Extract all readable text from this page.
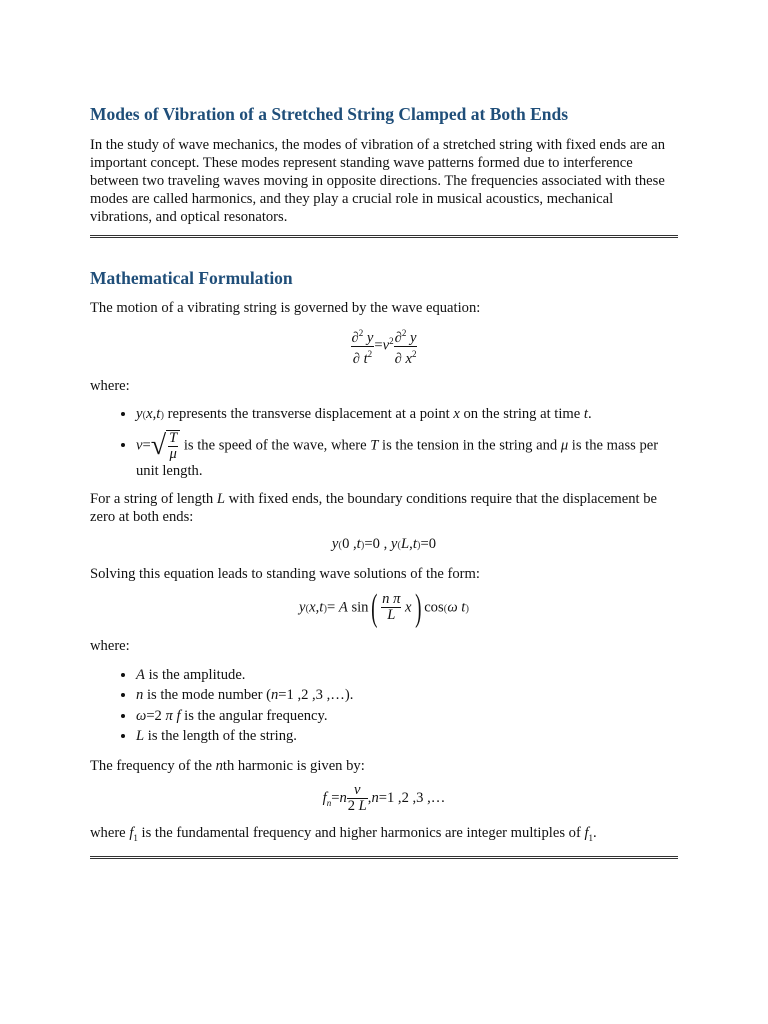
Modes of Vibration of a Stretched String Clamped at Both Ends

In the study of wave mechanics, the modes of vibration of a stretched string with fixed ends are an important concept. These modes represent standing wave patterns formed due to interference between two traveling waves moving in opposite directions. The frequencies associated with these modes are called harmonics, and they play a crucial role in musical acoustics, mechanical vibrations, and optical resonators.

Mathematical Formulation

The motion of a vibrating string is governed by the wave equation:

$\frac{\partial^2 y}{\partial t^2} =v^2 \frac{\partial^2 y}{\partial x^2}$

where:

• y(x,t) represents the transverse displacement at a point x on the string at time t.
• $v=√ \frac{T}{\mu}$ is the speed of the wave, where T is the tension in the string and μ is the mass per unit length.

For a string of length L with fixed ends, the boundary conditions require that the displacement be zero at both ends:

y(0 ,t)=0 , y(L,t)=0

Solving this equation leads to standing wave solutions of the form:

y(x,t)= A $\sin( \frac{\text{n π}}{L} x)$ cos(ω t)

where:

• A is the amplitude.
• n is the mode number (n=1 ,2 ,3 ,…).
• ω=2 π f is the angular frequency.
• L is the length of the string.

The frequency of the nth harmonic is given by:

$f_n=n \frac{v}{2 L} ,n=1$ ,2 ,3 ,…

where $f_1$ is the fundamental frequency and higher harmonics are integer multiples of $f_1$.
